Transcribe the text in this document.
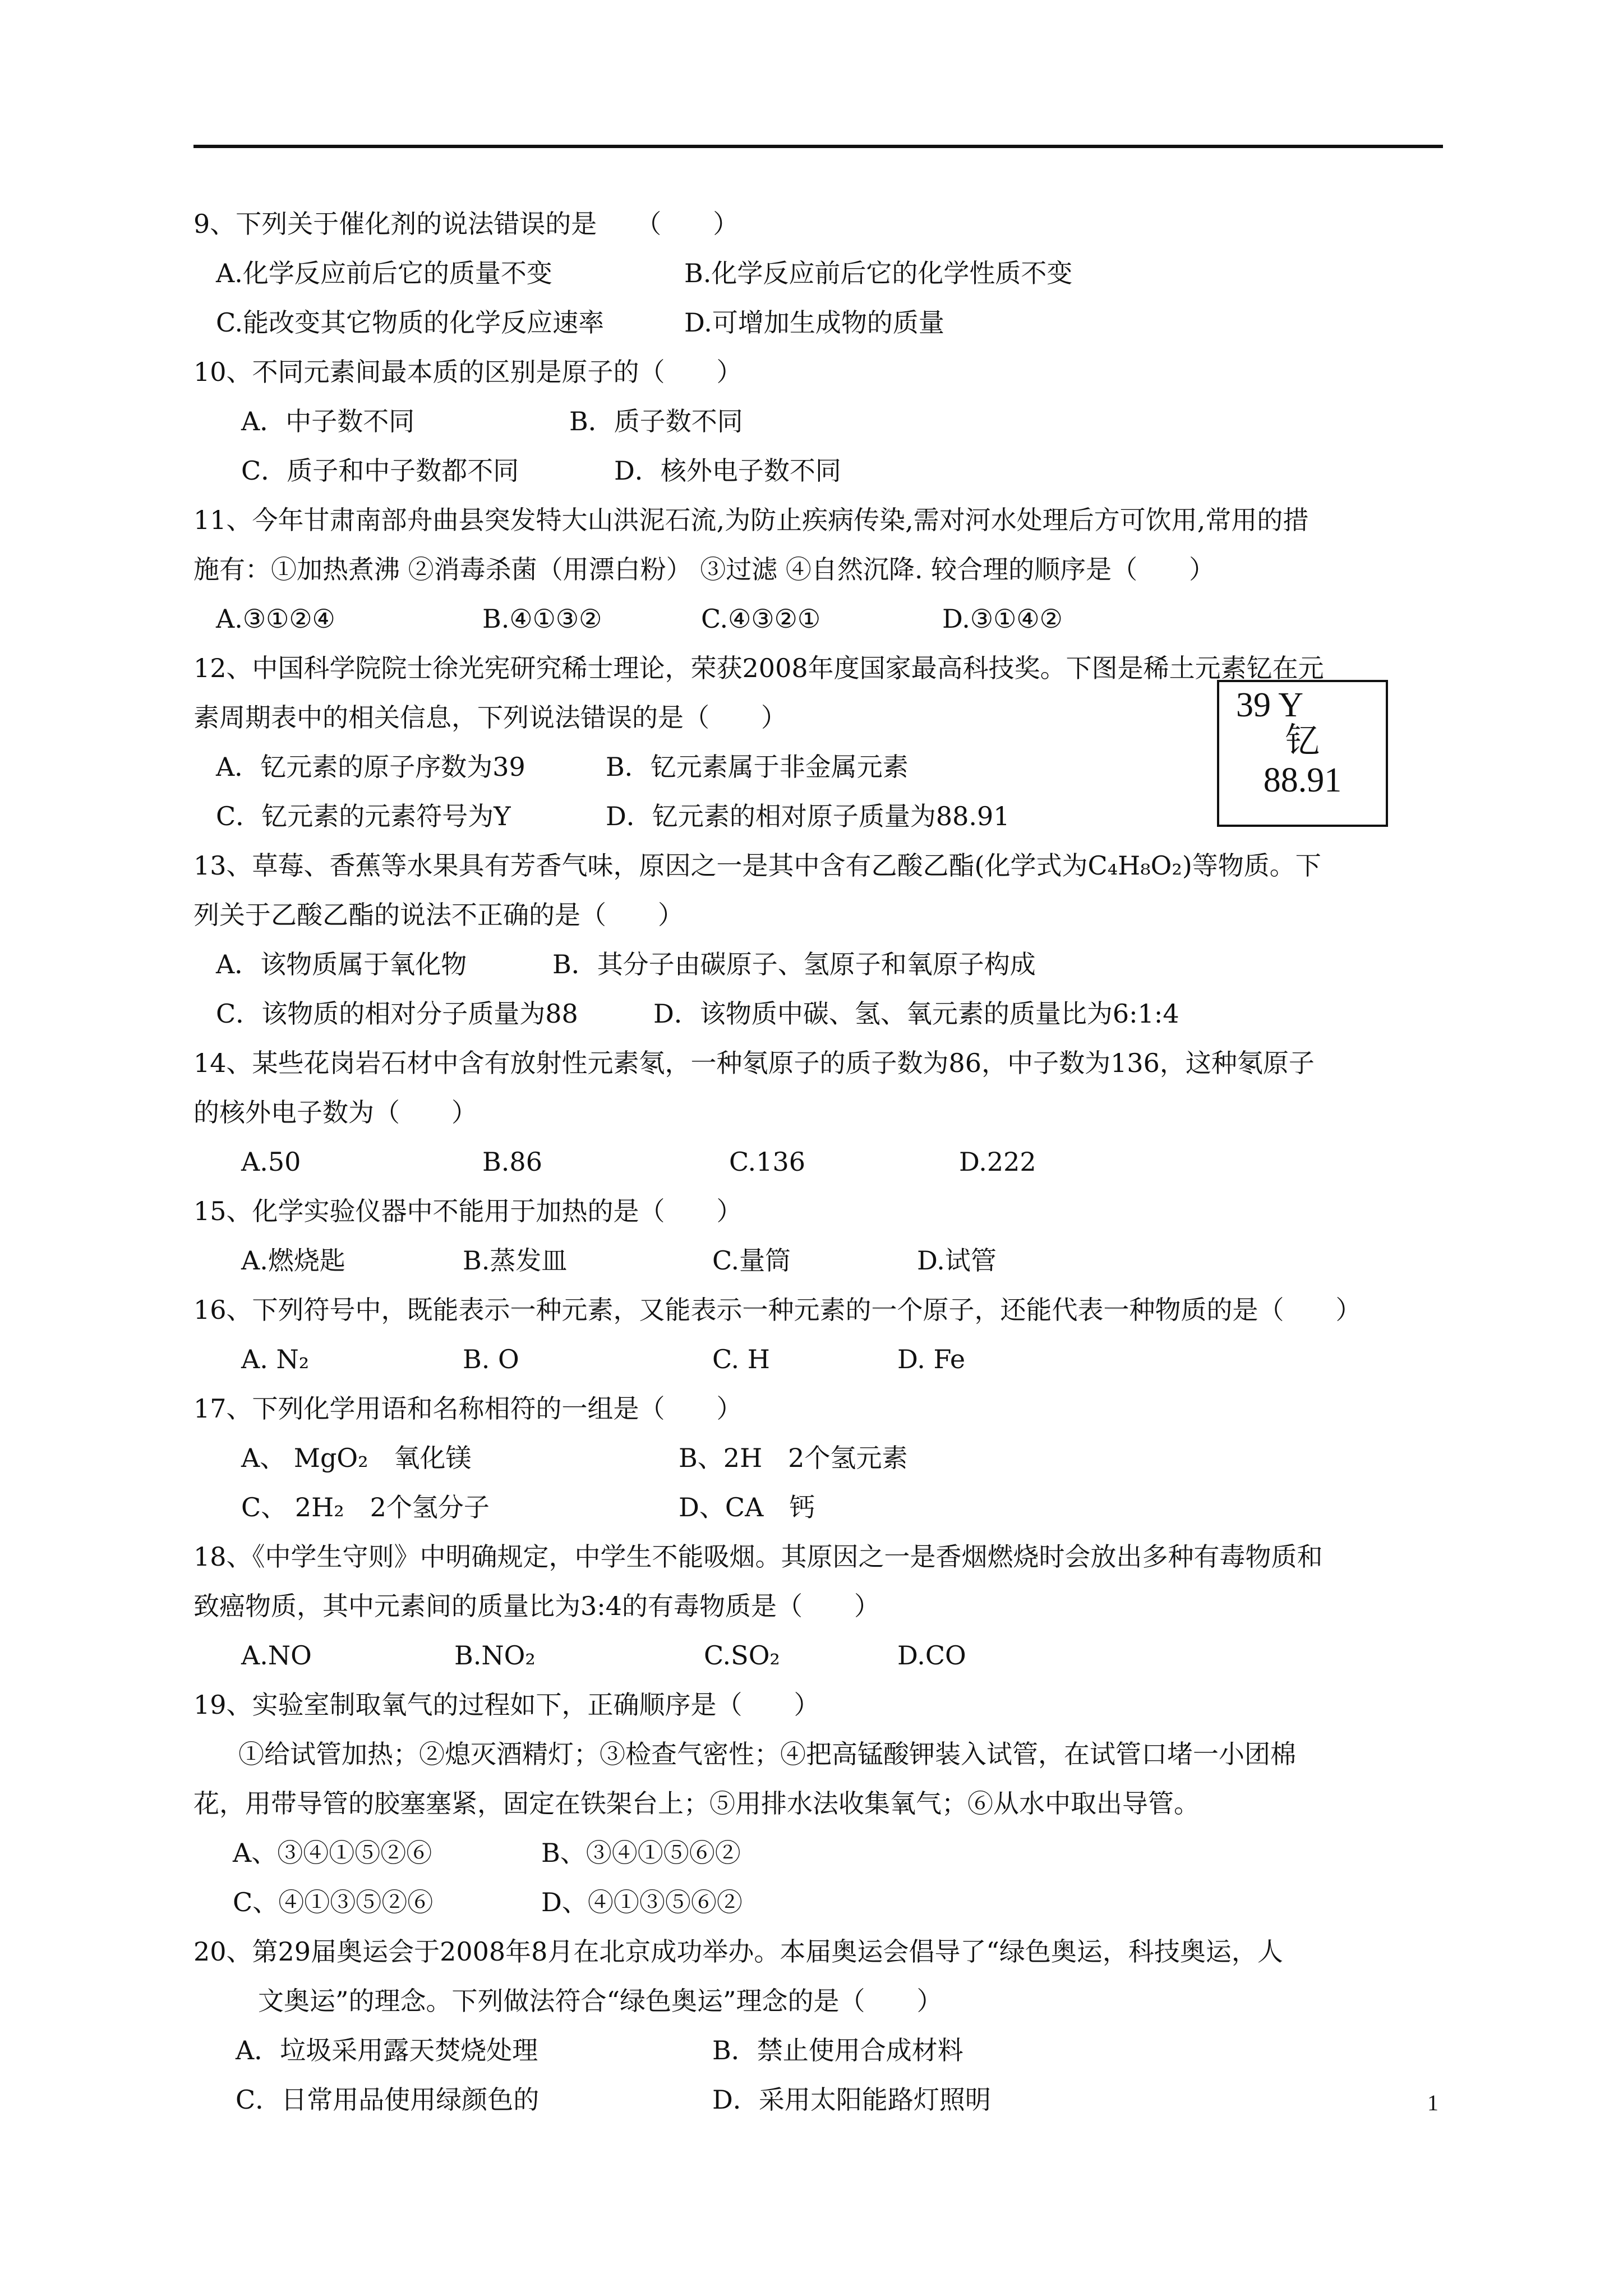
9、下列关于催化剂的说法错误的是　　（　　）
A.化学反应前后它的质量不变	B.化学反应前后它的化学性质不变
C.能改变其它物质的化学反应速率	D.可增加生成物的质量
10、不同元素间最本质的区别是原子的（　　）
A．中子数不同	B．质子数不同
C．质子和中子数都不同	D．核外电子数不同
11、今年甘肃南部舟曲县突发特大山洪泥石流,为防止疾病传染,需对河水处理后方可饮用,常用的措
施有：①加热煮沸 ②消毒杀菌（用漂白粉） ③过滤 ④自然沉降. 较合理的顺序是（　　）
A.③①②④	B.④①③②	C.④③②①	D.③①④②
12、中国科学院院士徐光宪研究稀士理论，荣获2008年度国家最高科技奖。下图是稀土元素钇在元
素周期表中的相关信息，下列说法错误的是（　　）
A．钇元素的原子序数为39	B．钇元素属于非金属元素
C．钇元素的元素符号为Y	D．钇元素的相对原子质量为88.91
13、草莓、香蕉等水果具有芳香气味，原因之一是其中含有乙酸乙酯(化学式为C₄H₈O₂)等物质。下
列关于乙酸乙酯的说法不正确的是（　　）
A．该物质属于氧化物	B．其分子由碳原子、氢原子和氧原子构成
C．该物质的相对分子质量为88	D．该物质中碳、氢、氧元素的质量比为6:1:4
14、某些花岗岩石材中含有放射性元素氡，一种氡原子的质子数为86，中子数为136，这种氡原子
的核外电子数为（　　）
A.50	B.86	C.136	D.222
15、化学实验仪器中不能用于加热的是（　　）
A.燃烧匙	B.蒸发皿	C.量筒	D.试管
16、下列符号中，既能表示一种元素，又能表示一种元素的一个原子，还能代表一种物质的是（　　）
A. N₂	B. O	C. H	D. Fe
17、下列化学用语和名称相符的一组是（　　）
A、 MgO₂　氧化镁	B、2H　2个氢元素
C、 2H₂　2个氢分子	D、CA　钙
18、《中学生守则》中明确规定，中学生不能吸烟。其原因之一是香烟燃烧时会放出多种有毒物质和
致癌物质，其中元素间的质量比为3:4的有毒物质是（　　）
A.NO	B.NO₂	C.SO₂	D.CO
19、实验室制取氧气的过程如下，正确顺序是（　　）
①给试管加热；②熄灭酒精灯；③检查气密性；④把高锰酸钾装入试管，在试管口堵一小团棉
花，用带导管的胶塞塞紧，固定在铁架台上；⑤用排水法收集氧气；⑥从水中取出导管。
A、③④①⑤②⑥	B、③④①⑤⑥②
C、④①③⑤②⑥	D、④①③⑤⑥②
20、第29届奥运会于2008年8月在北京成功举办。本届奥运会倡导了“绿色奥运，科技奥运，人
文奥运”的理念。下列做法符合“绿色奥运”理念的是（　　）
A．垃圾采用露天焚烧处理	B．禁止使用合成材料
C．日常用品使用绿颜色的	D．采用太阳能路灯照明
39 Y
钇
88.91
1
